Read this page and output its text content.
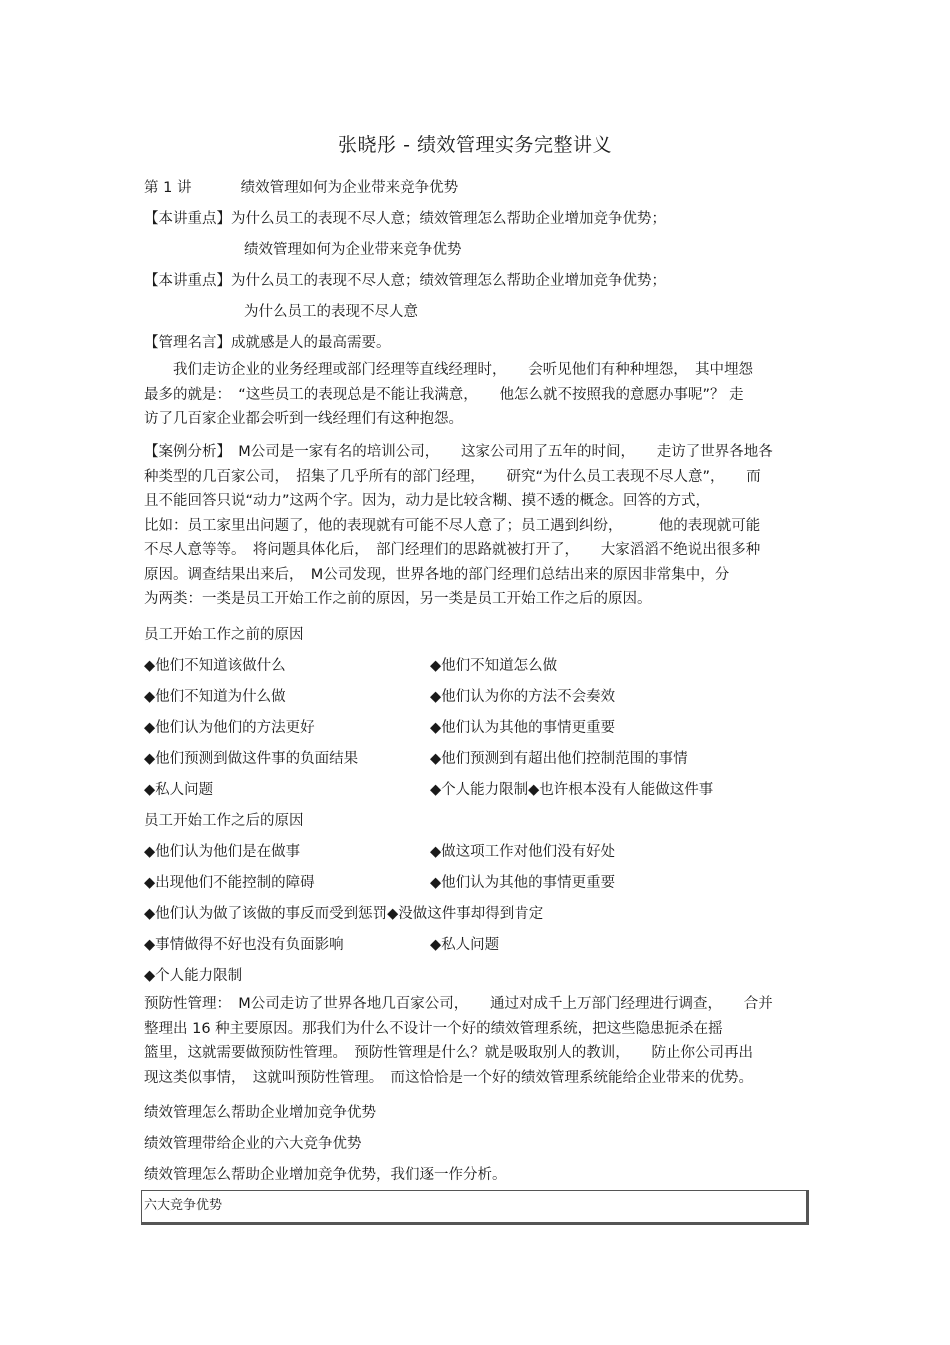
张晓彤 - 绩效管理实务完整讲义
第 1 讲	绩效管理如何为企业带来竞争优势
【本讲重点】为什么员工的表现不尽人意；绩效管理怎么帮助企业增加竞争优势；
绩效管理如何为企业带来竞争优势
【本讲重点】为什么员工的表现不尽人意；绩效管理怎么帮助企业增加竞争优势；
为什么员工的表现不尽人意
【管理名言】成就感是人的最高需要。
　　我们走访企业的业务经理或部门经理等直线经理时，　　会听见他们有种种埋怨，　其中埋怨
最多的就是：　“这些员工的表现总是不能让我满意，　　他怎么就不按照我的意愿办事呢”？ 走
访了几百家企业都会听到一线经理们有这种抱怨。
【案例分析】　M公司是一家有名的培训公司，　　这家公司用了五年的时间，　　走访了世界各地各
种类型的几百家公司，　招集了几乎所有的部门经理，　　研究“为什么员工表现不尽人意”，　　而
且不能回答只说“动力”这两个字。因为，动力是比较含糊、摸不透的概念。回答的方式，
比如：员工家里出问题了，他的表现就有可能不尽人意了；员工遇到纠纷，　　　他的表现就可能
不尽人意等等。　将问题具体化后，　部门经理们的思路就被打开了，　　大家滔滔不绝说出很多种
原因。调查结果出来后，　M公司发现，世界各地的部门经理们总结出来的原因非常集中，分
为两类：一类是员工开始工作之前的原因，另一类是员工开始工作之后的原因。
员工开始工作之前的原因
◆他们不知道该做什么	◆他们不知道怎么做
◆他们不知道为什么做	◆他们认为你的方法不会奏效
◆他们认为他们的方法更好	◆他们认为其他的事情更重要
◆他们预测到做这件事的负面结果	◆他们预测到有超出他们控制范围的事情
◆私人问题	◆个人能力限制◆也许根本没有人能做这件事
员工开始工作之后的原因
◆他们认为他们是在做事	◆做这项工作对他们没有好处
◆出现他们不能控制的障碍	◆他们认为其他的事情更重要
◆他们认为做了该做的事反而受到惩罚◆没做这件事却得到肯定
◆事情做得不好也没有负面影响	◆私人问题
◆个人能力限制
预防性管理：　M公司走访了世界各地几百家公司，　　通过对成千上万部门经理进行调查，　　合并
整理出 16 种主要原因。那我们为什么不设计一个好的绩效管理系统，把这些隐患扼杀在摇
篮里，这就需要做预防性管理。　预防性管理是什么？就是吸取别人的教训，　　防止你公司再出
现这类似事情，　这就叫预防性管理。　而这恰恰是一个好的绩效管理系统能给企业带来的优势。
绩效管理怎么帮助企业增加竞争优势
绩效管理带给企业的六大竞争优势
绩效管理怎么帮助企业增加竞争优势，我们逐一作分析。
六大竞争优势
